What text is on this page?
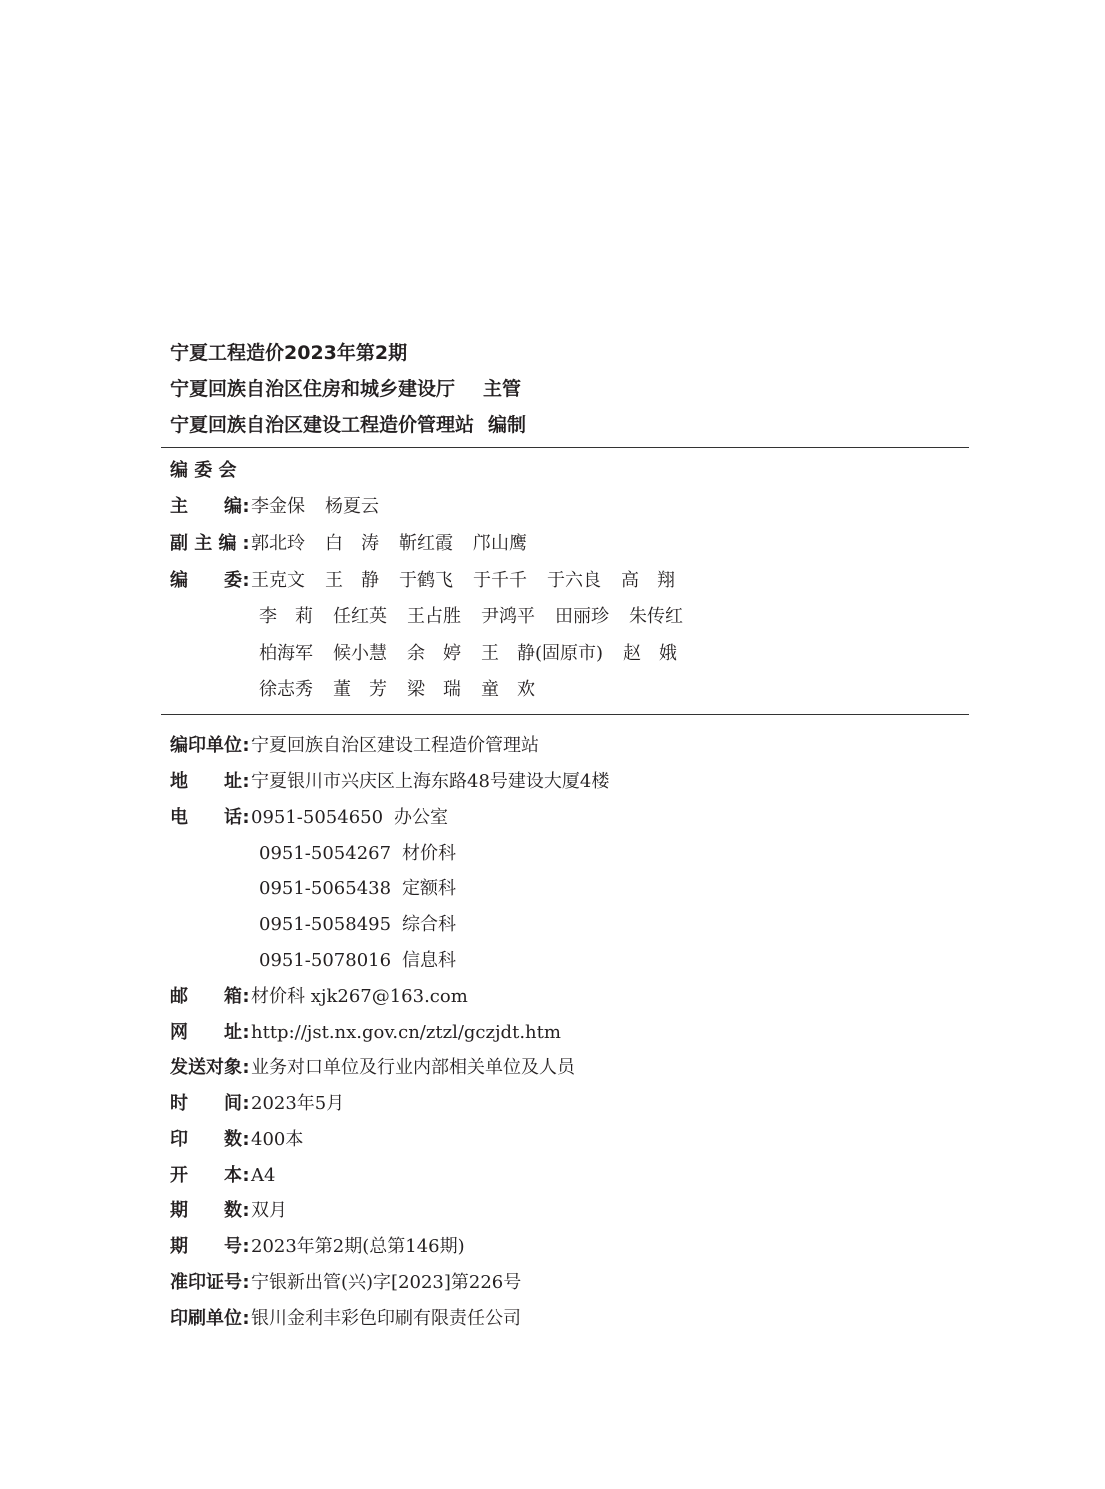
宁夏工程造价2023年第2期
宁夏回族自治区住房和城乡建设厅 主管
宁夏回族自治区建设工程造价管理站 编制
编 委 会
主　　编:李金保 杨夏云
副 主 编 :郭北玲 白　涛 靳红霞 邝山鹰
编　　委:王克文 王　静 于鹤飞 于千千 于六良 高　翔
李　莉 任红英 王占胜 尹鸿平 田丽珍 朱传红
柏海军 候小慧 余　婷 王　静(固原市) 赵　娥
徐志秀 董　芳 梁　瑞 童　欢
编印单位:宁夏回族自治区建设工程造价管理站
地　　址:宁夏银川市兴庆区上海东路48号建设大厦4楼
电　　话:0951-5054650 办公室
0951-5054267 材价科
0951-5065438 定额科
0951-5058495 综合科
0951-5078016 信息科
邮　　箱:材价科 xjk267@163.com
网　　址:http://jst.nx.gov.cn/ztzl/gczjdt.htm
发送对象:业务对口单位及行业内部相关单位及人员
时　　间:2023年5月
印　　数:400本
开　　本:A4
期　　数:双月
期　　号:2023年第2期(总第146期)
准印证号:宁银新出管(兴)字[2023]第226号
印刷单位:银川金利丰彩色印刷有限责任公司
